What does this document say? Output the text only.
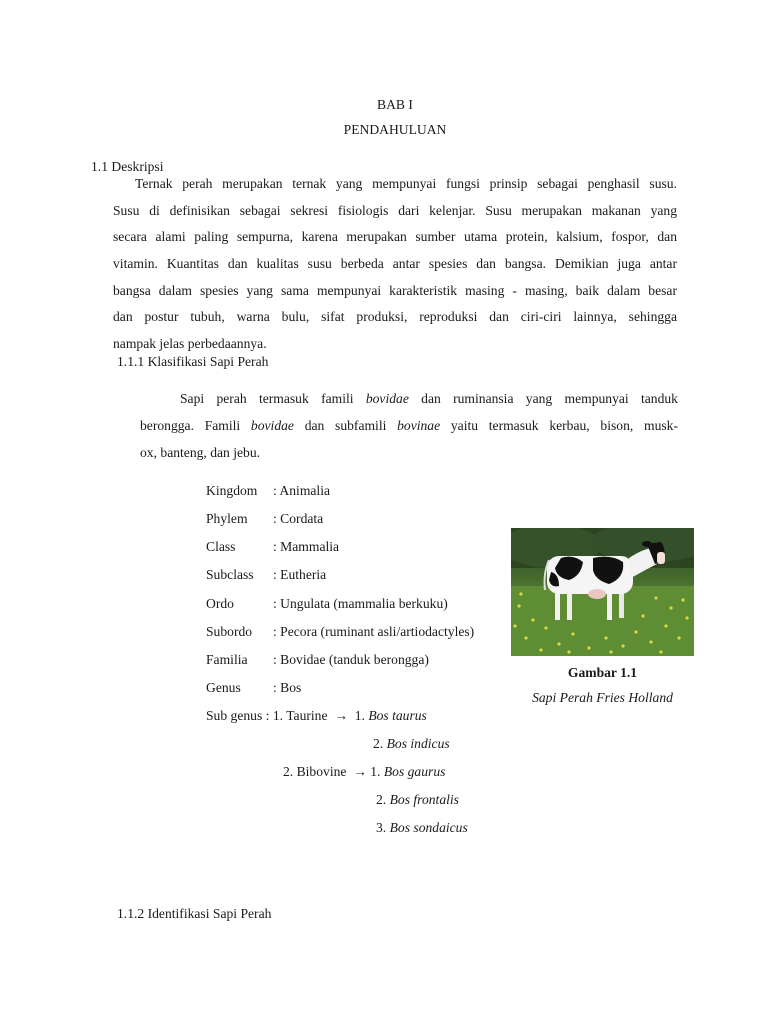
BAB I
PENDAHULUAN
1.1 Deskripsi
Ternak perah merupakan ternak yang mempunyai fungsi prinsip sebagai penghasil susu.
Susu di definisikan sebagai sekresi fisiologis dari kelenjar. Susu merupakan makanan yang
secara alami paling sempurna, karena merupakan sumber utama protein, kalsium, fospor, dan
vitamin. Kuantitas dan kualitas susu berbeda antar spesies dan bangsa. Demikian juga antar
bangsa dalam spesies yang sama mempunyai karakteristik masing - masing, baik dalam besar
dan postur tubuh, warna bulu, sifat produksi, reproduksi dan ciri-ciri lainnya, sehingga
nampak jelas perbedaannya.
1.1.1 Klasifikasi Sapi Perah
Sapi perah termasuk famili bovidae dan ruminansia yang mempunyai tanduk
berongga. Famili bovidae dan subfamili bovinae yaitu termasuk kerbau, bison, musk-
ox, banteng, dan jebu.
Kingdom : Animalia
Phylem : Cordata
Class	: Mammalia
Subclass : Eutheria
Ordo	: Ungulata (mammalia berkuku)
Subordo : Pecora (ruminant asli/artiodactyles)
Familia : Bovidae (tanduk berongga)
Genus : Bos
Sub genus : 1. Taurine → 1. Bos taurus
2. Bos indicus
2. Bibovine → 1. Bos gaurus
2. Bos frontalis
3. Bos sondaicus
Gambar 1.1
Sapi Perah Fries Holland
1.1.2 Identifikasi Sapi Perah
